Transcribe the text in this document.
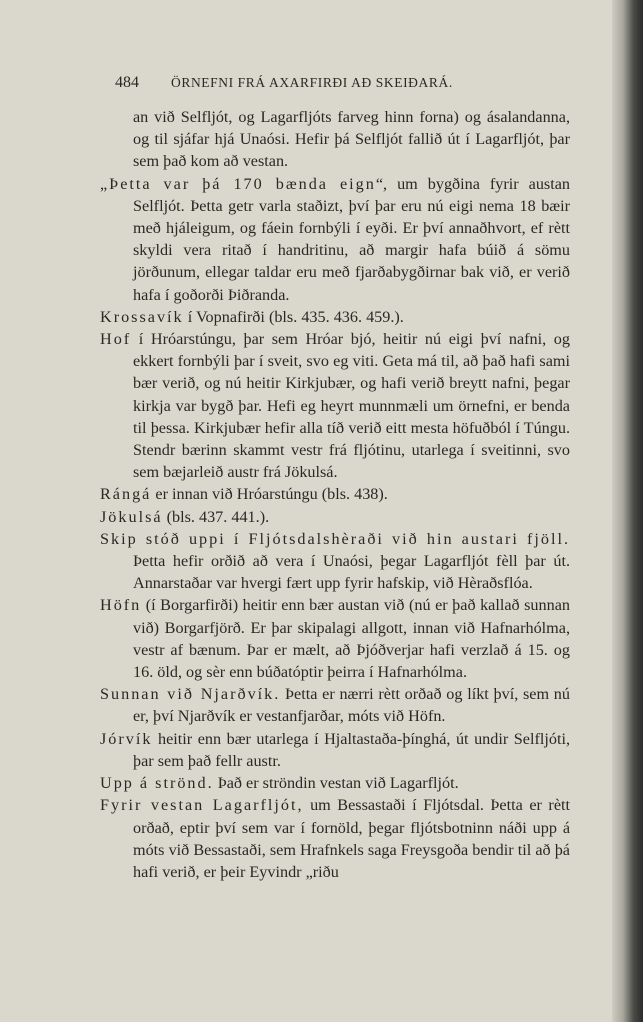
484 ÖRNEFNI FRÁ AXARFIRÐI AÐ SKEIÐARÁ.
an við Selfljót, og Lagarfljóts farveg hinn forna) og ásalandanna, og til sjáfar hjá Unaósi. Hefir þá Selfljót fallið út í Lagarfljót, þar sem það kom að vestan.
„Þetta var þá 170 bænda eign“, um bygðina fyrir austan Selfljót. Þetta getr varla staðizt, því þar eru nú eigi nema 18 bæir með hjáleigum, og fáein fornbýli í eyði. Er því annaðhvort, ef rètt skyldi vera ritað í handritinu, að margir hafa búið á sömu jörðunum, ellegar taldar eru með fjarðabygðirnar bak við, er verið hafa í goðorði Þiðranda.
Krossavík í Vopnafirði (bls. 435. 436. 459.).
Hof í Hróarstúngu, þar sem Hróar bjó, heitir nú eigi því nafni, og ekkert fornbýli þar í sveit, svo eg viti. Geta má til, að það hafi sami bær verið, og nú heitir Kirkjubær, og hafi verið breytt nafni, þegar kirkja var bygð þar. Hefi eg heyrt munnmæli um örnefni, er benda til þessa. Kirkjubær hefir alla tíð verið eitt mesta höfuðból í Túngu. Stendr bærinn skammt vestr frá fljótinu, utarlega í sveitinni, svo sem bæjarleið austr frá Jökulsá.
Rángá er innan við Hróarstúngu (bls. 438).
Jökulsá (bls. 437. 441.).
Skip stóð uppi í Fljótsdalshèraði við hin austari fjöll. Þetta hefir orðið að vera í Unaósi, þegar Lagarfljót fèll þar út. Annarstaðar var hvergi fært upp fyrir hafskip, við Hèraðsflóa.
Höfn (í Borgarfirði) heitir enn bær austan við (nú er það kallað sunnan við) Borgarfjörð. Er þar skipalagi allgott, innan við Hafnarhólma, vestr af bænum. Þar er mælt, að Þjóðverjar hafi verzlað á 15. og 16. öld, og sèr enn búðatóptir þeirra í Hafnarhólma.
Sunnan við Njarðvík. Þetta er nærri rètt orðað og líkt því, sem nú er, því Njarðvík er vestanfjarðar, móts við Höfn.
Jórvík heitir enn bær utarlega í Hjaltastaða-þínghá, út undir Selfljóti, þar sem það fellr austr.
Upp á strönd. Það er ströndin vestan við Lagarfljót.
Fyrir vestan Lagarfljót, um Bessastaði í Fljótsdal. Þetta er rètt orðað, eptir því sem var í fornöld, þegar fljótsbotninn náði upp á móts við Bessastaði, sem Hrafnkels saga Freysgoða bendir til að þá hafi verið, er þeir Eyvindr „riðu
